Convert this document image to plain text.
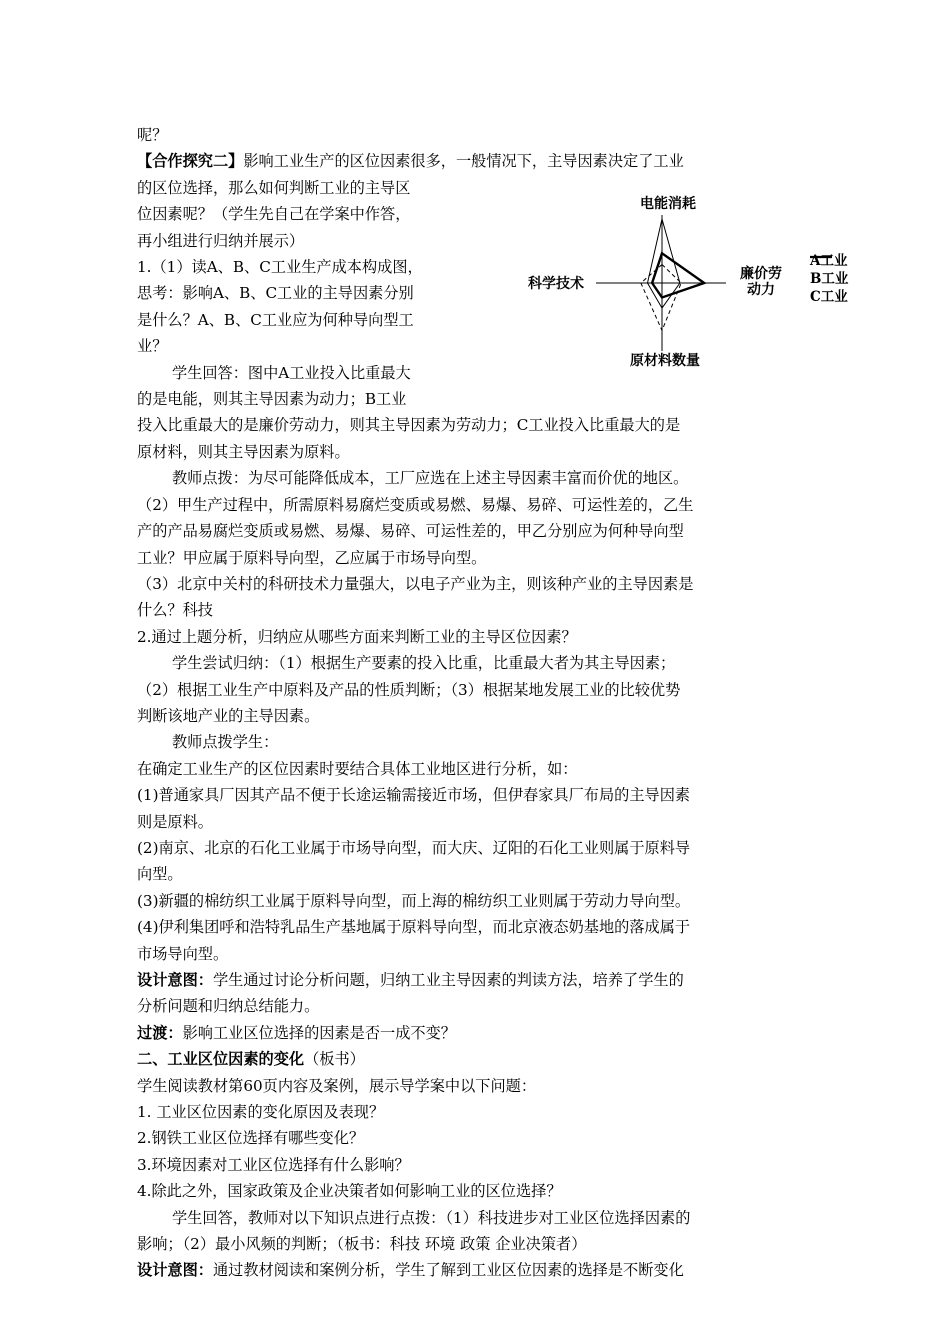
呢？

【合作探究二】影响工业生产的区位因素很多，一般情况下，主导因素决定了工业

的区位选择，那么如何判断工业的主导区

位因素呢？（学生先自己在学案中作答，

再小组进行归纳并展示）

1.（1）读A、B、C工业生产成本构成图，

思考：影响A、B、C工业的主导因素分别

是什么？A、B、C工业应为何种导向型工

业？

学生回答：图中A工业投入比重最大

的是电能，则其主导因素为动力；B工业

投入比重最大的是廉价劳动力，则其主导因素为劳动力；C工业投入比重最大的是

原材料，则其主导因素为原料。

教师点拨：为尽可能降低成本，工厂应选在上述主导因素丰富而价优的地区。

（2）甲生产过程中，所需原料易腐烂变质或易燃、易爆、易碎、可运性差的，乙生

产的产品易腐烂变质或易燃、易爆、易碎、可运性差的，甲乙分别应为何种导向型

工业？甲应属于原料导向型，乙应属于市场导向型。

（3）北京中关村的科研技术力量强大，以电子产业为主，则该种产业的主导因素是

什么？科技

2.通过上题分析，归纳应从哪些方面来判断工业的主导区位因素？

学生尝试归纳：（1）根据生产要素的投入比重，比重最大者为其主导因素；

（2）根据工业生产中原料及产品的性质判断；（3）根据某地发展工业的比较优势

判断该地产业的主导因素。

教师点拨学生：

在确定工业生产的区位因素时要结合具体工业地区进行分析，如：

(1)普通家具厂因其产品不便于长途运输需接近市场，但伊春家具厂布局的主导因素

则是原料。

(2)南京、北京的石化工业属于市场导向型，而大庆、辽阳的石化工业则属于原料导

向型。

(3)新疆的棉纺织工业属于原料导向型，而上海的棉纺织工业则属于劳动力导向型。

(4)伊利集团呼和浩特乳品生产基地属于原料导向型，而北京液态奶基地的落成属于

市场导向型。

设计意图：学生通过讨论分析问题，归纳工业主导因素的判读方法，培养了学生的

分析问题和归纳总结能力。

过渡：影响工业区位选择的因素是否一成不变？

二、工业区位因素的变化（板书）

学生阅读教材第60页内容及案例，展示导学案中以下问题：

1. 工业区位因素的变化原因及表现？

2.钢铁工业区位选择有哪些变化？

3.环境因素对工业区位选择有什么影响？

4.除此之外，国家政策及企业决策者如何影响工业的区位选择？

学生回答，教师对以下知识点进行点拨：（1）科技进步对工业区位选择因素的

影响；（2）最小风频的判断；（板书：科技 环境 政策 企业决策者）

设计意图：通过教材阅读和案例分析，学生了解到工业区位因素的选择是不断变化

电能消耗
廉价劳
动力
原材料数量
科学技术
A工业
B工业
C工业
